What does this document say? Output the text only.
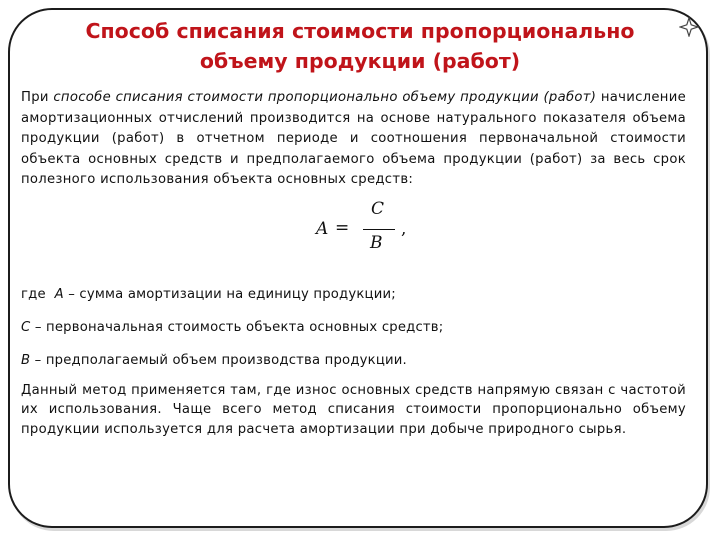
При способе списания стоимости пропорционально объему продукции (работ) начисление амортизационных отчислений производится на основе натурального показателя объема продукции (работ) в отчетном периоде и соотношения первоначальной стоимости объекта основных средств и предполагаемого объема продукции (работ) за весь срок полезного использования объекта основных средств:

A =
C
B
,

где А – сумма амортизации на единицу продукции;

С – первоначальная стоимость объекта основных средств;

В – предполагаемый объем производства продукции.

Данный метод применяется там, где износ основных средств напрямую связан с частотой их использования. Чаще всего метод списания стоимости пропорционально объему продукции используется для расчета амортизации при добыче природного сырья.

Способ списания стоимости пропорционально объему продукции (работ)
